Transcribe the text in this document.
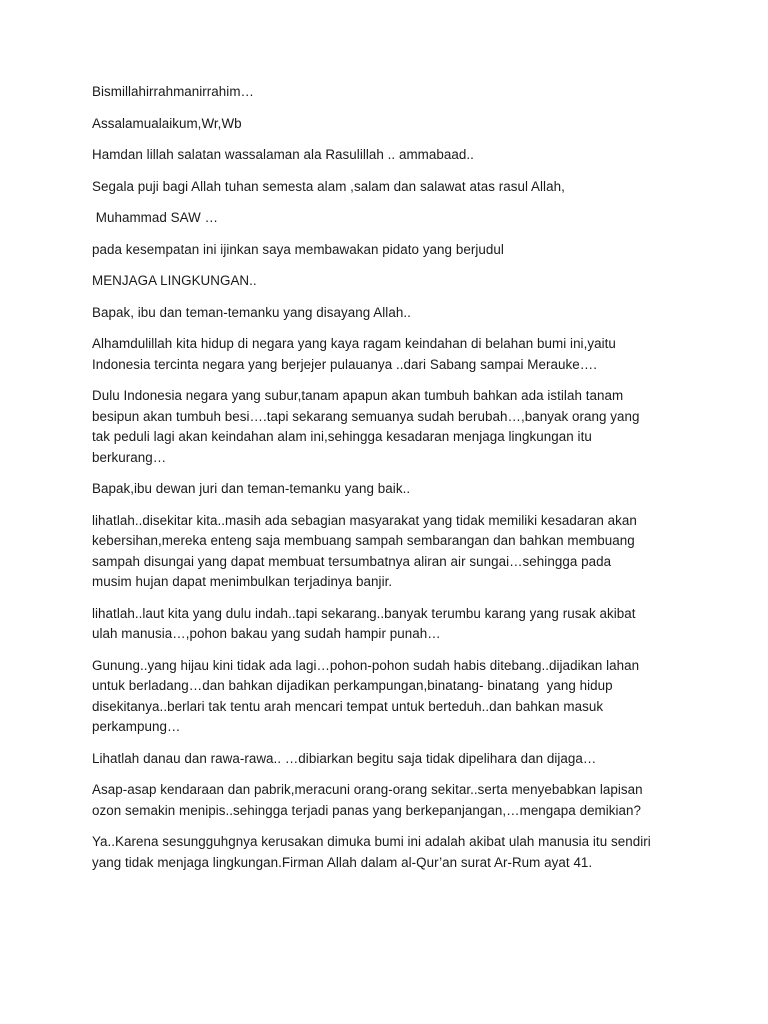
Bismillahirrahmanirrahim…

Assalamualaikum,Wr,Wb

Hamdan lillah salatan wassalaman ala Rasulillah .. ammabaad..

Segala puji bagi Allah tuhan semesta alam ,salam dan salawat atas rasul Allah,

Muhammad SAW …

pada kesempatan ini ijinkan saya membawakan pidato yang berjudul

MENJAGA LINGKUNGAN..

Bapak, ibu dan teman-temanku yang disayang Allah..

Alhamdulillah kita hidup di negara yang kaya ragam keindahan di belahan bumi ini,yaitu
Indonesia tercinta negara yang berjejer pulauanya ..dari Sabang sampai Merauke….

Dulu Indonesia negara yang subur,tanam apapun akan tumbuh bahkan ada istilah tanam
besipun akan tumbuh besi….tapi sekarang semuanya sudah berubah…,banyak orang yang
tak peduli lagi akan keindahan alam ini,sehingga kesadaran menjaga lingkungan itu
berkurang…

Bapak,ibu dewan juri dan teman-temanku yang baik..

lihatlah..disekitar kita..masih ada sebagian masyarakat yang tidak memiliki kesadaran akan
kebersihan,mereka enteng saja membuang sampah sembarangan dan bahkan membuang
sampah disungai yang dapat membuat tersumbatnya aliran air sungai…sehingga pada
musim hujan dapat menimbulkan terjadinya banjir.

lihatlah..laut kita yang dulu indah..tapi sekarang..banyak terumbu karang yang rusak akibat
ulah manusia…,pohon bakau yang sudah hampir punah…

Gunung..yang hijau kini tidak ada lagi…pohon-pohon sudah habis ditebang..dijadikan lahan
untuk berladang…dan bahkan dijadikan perkampungan,binatang- binatang  yang hidup
disekitanya..berlari tak tentu arah mencari tempat untuk berteduh..dan bahkan masuk
perkampung…

Lihatlah danau dan rawa-rawa.. …dibiarkan begitu saja tidak dipelihara dan dijaga…

Asap-asap kendaraan dan pabrik,meracuni orang-orang sekitar..serta menyebabkan lapisan
ozon semakin menipis..sehingga terjadi panas yang berkepanjangan,…mengapa demikian?

Ya..Karena sesungguhgnya kerusakan dimuka bumi ini adalah akibat ulah manusia itu sendiri
yang tidak menjaga lingkungan.Firman Allah dalam al-Qur’an surat Ar-Rum ayat 41.
